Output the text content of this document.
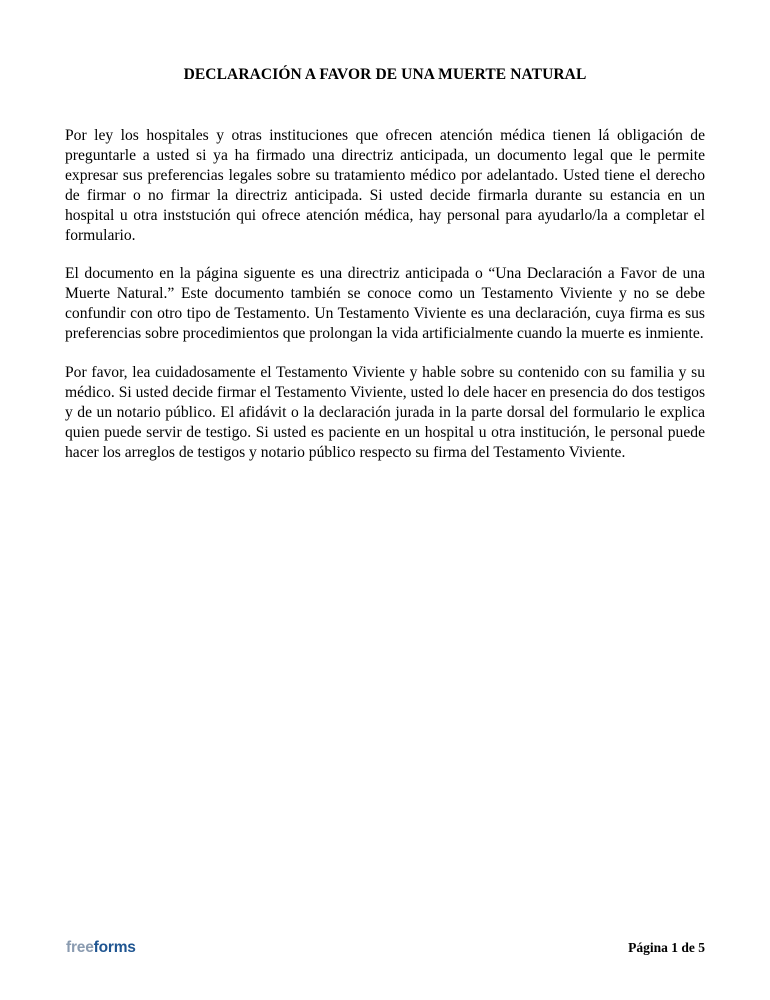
DECLARACIÓN A FAVOR DE UNA MUERTE NATURAL

Por ley los hospitales y otras instituciones que ofrecen atención médica tienen lá obligación de preguntarle a usted si ya ha firmado una directriz anticipada, un documento legal que le permite expresar sus preferencias legales sobre su tratamiento médico por adelantado. Usted tiene el derecho de firmar o no firmar la directriz anticipada. Si usted decide firmarla durante su estancia en un hospital u otra inststución qui ofrece atención médica, hay personal para ayudarlo/la a completar el formulario.

El documento en la página siguente es una directriz anticipada o “Una Declaración a Favor de una Muerte Natural.” Este documento también se conoce como un Testamento Viviente y no se debe confundir con otro tipo de Testamento. Un Testamento Viviente es una declaración, cuya firma es sus preferencias sobre procedimientos que prolongan la vida artificialmente cuando la muerte es inmiente.

Por favor, lea cuidadosamente el Testamento Viviente y hable sobre su contenido con su familia y su médico. Si usted decide firmar el Testamento Viviente, usted lo dele hacer en presencia do dos testigos y de un notario público. El afidávit o la declaración jurada in la parte dorsal del formulario le explica quien puede servir de testigo. Si usted es paciente en un hospital u otra institución, le personal puede hacer los arreglos de testigos y notario público respecto su firma del Testamento Viviente.

freeforms	Página 1 de 5
